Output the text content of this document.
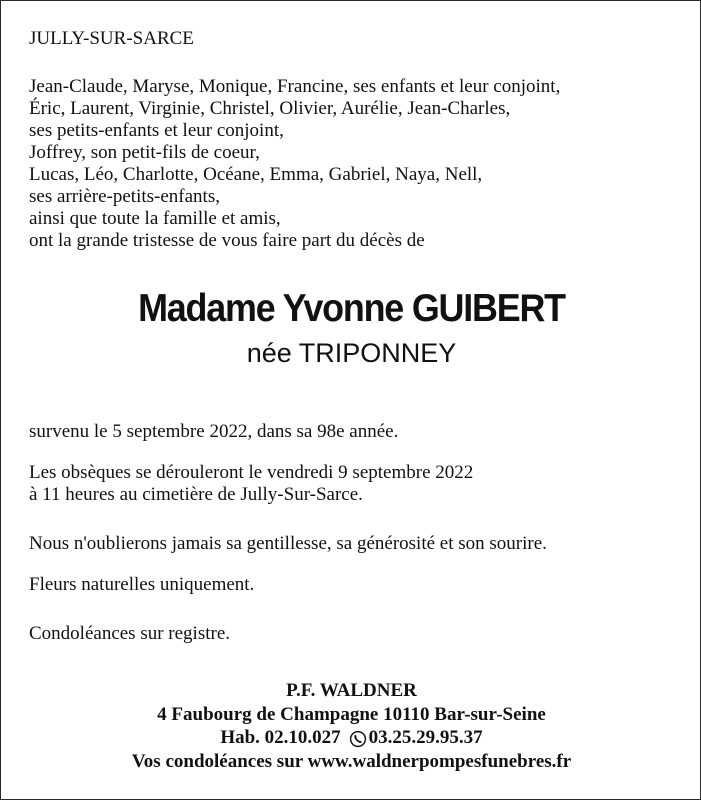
JULLY-SUR-SARCE
Jean-Claude, Maryse, Monique, Francine, ses enfants et leur conjoint,
Éric, Laurent, Virginie, Christel, Olivier, Aurélie, Jean-Charles,
ses petits-enfants et leur conjoint,
Joffrey, son petit-fils de coeur,
Lucas, Léo, Charlotte, Océane, Emma, Gabriel, Naya, Nell,
ses arrière-petits-enfants,
ainsi que toute la famille et amis,
ont la grande tristesse de vous faire part du décès de
Madame Yvonne GUIBERT
née TRIPONNEY
survenu le 5 septembre 2022, dans sa 98e année.
Les obsèques se dérouleront le vendredi 9 septembre 2022
à 11 heures au cimetière de Jully-Sur-Sarce.
Nous n'oublierons jamais sa gentillesse, sa générosité et son sourire.
Fleurs naturelles uniquement.
Condoléances sur registre.
P.F. WALDNER
4 Faubourg de Champagne 10110 Bar-sur-Seine
Hab. 02.10.027 03.25.29.95.37
Vos condoléances sur www.waldnerpompesfunebres.fr
